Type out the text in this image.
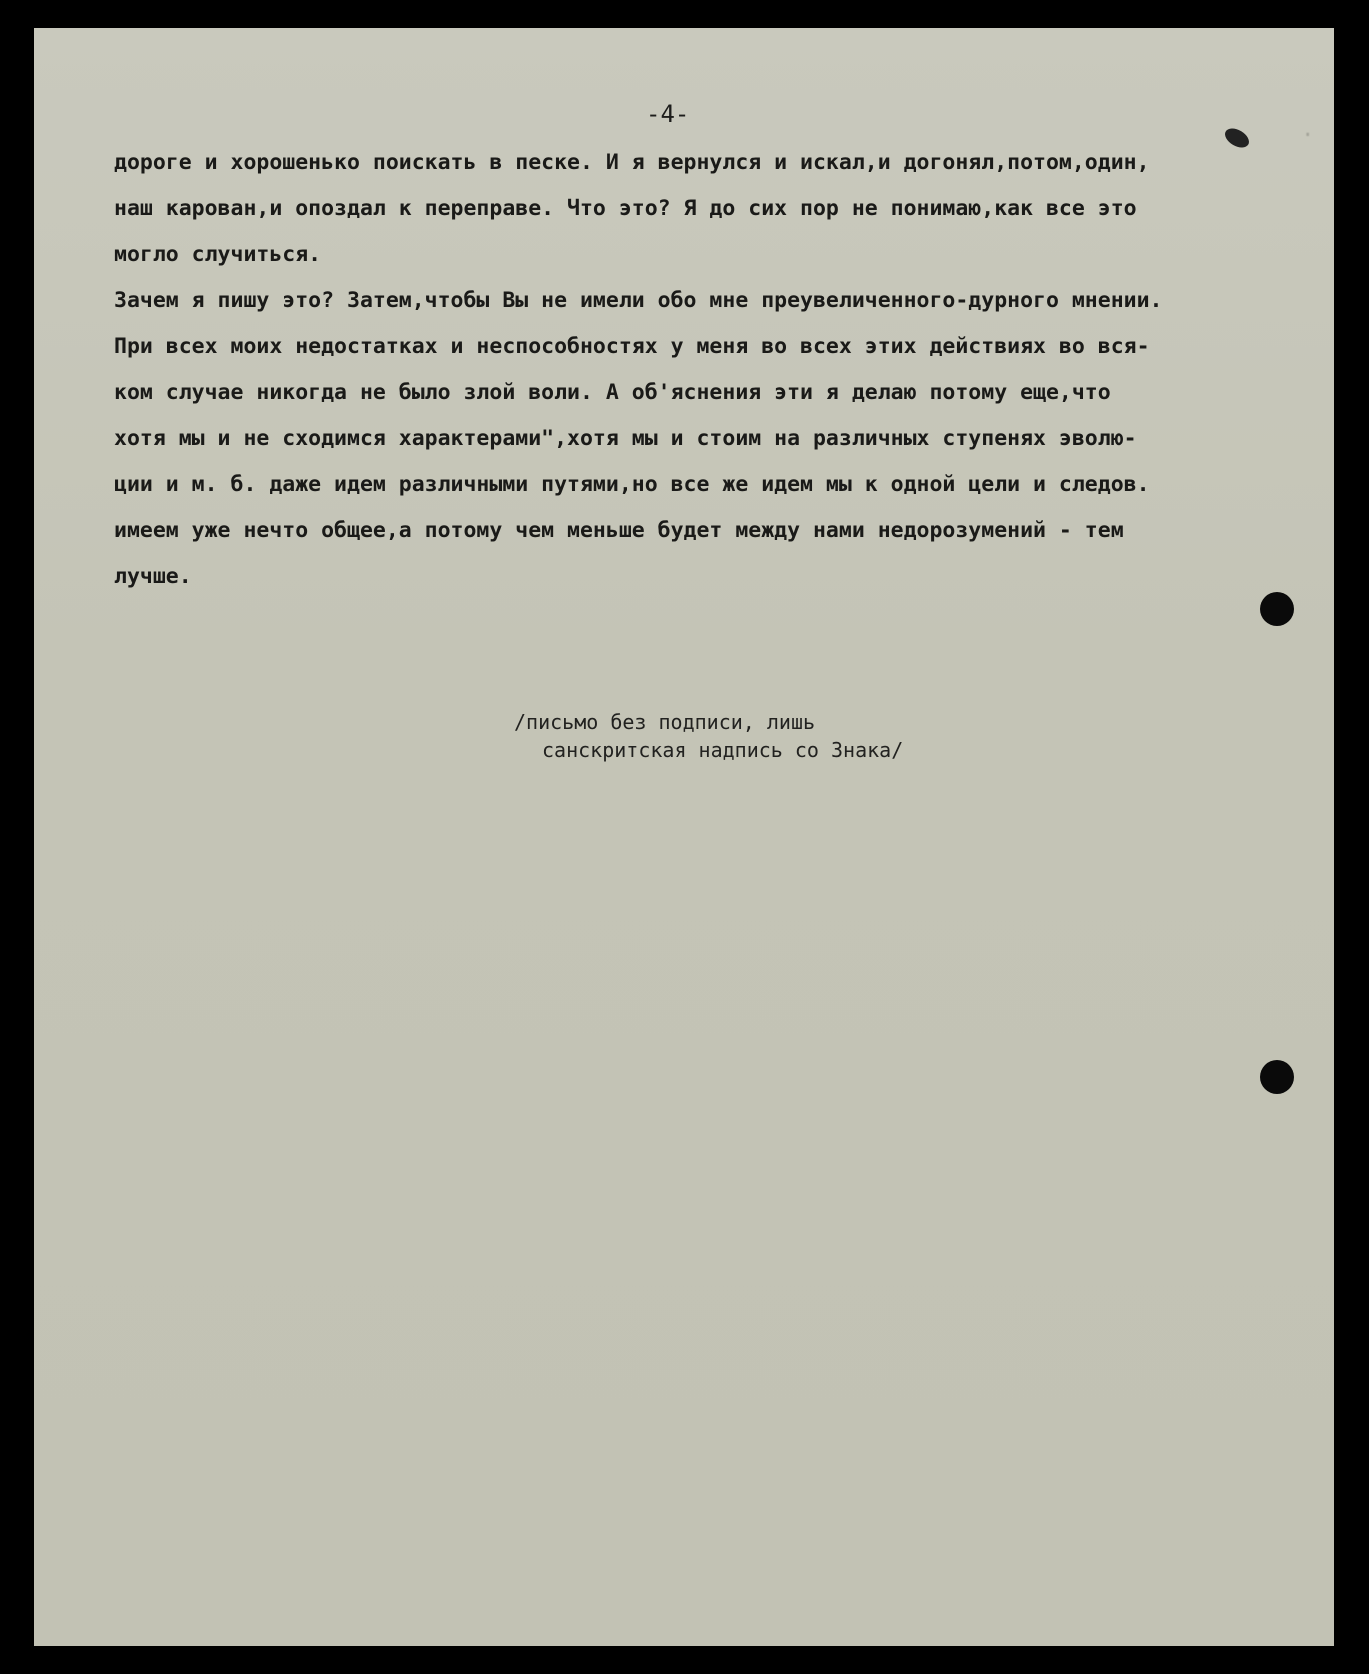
.
-4-
дороге и хорошенько поискать в песке. И я вернулся и искал,и догонял,потом,один,
наш карован,и опоздал к переправе. Что это? Я до сих пор не понимаю,как все это
могло случиться.
Зачем я пишу это? Затем,чтобы Вы не имели обо мне преувеличенного-дурного мнении.
При всех моих недостатках и неспособностях у меня во всех этих действиях во вся-
ком случае никогда не было злой воли. А об'яснения эти я делаю потому еще,что
хотя мы и не сходимся характерами",хотя мы и стоим на различных ступенях эволю-
ции и м. б. даже идем различными путями,но все же идем мы к одной цели и следов.
имеем уже нечто общее,а потому чем меньше будет между нами недорозумений - тем
лучше.
/письмо без подписи, лишь
санскритская надпись со Знака/
